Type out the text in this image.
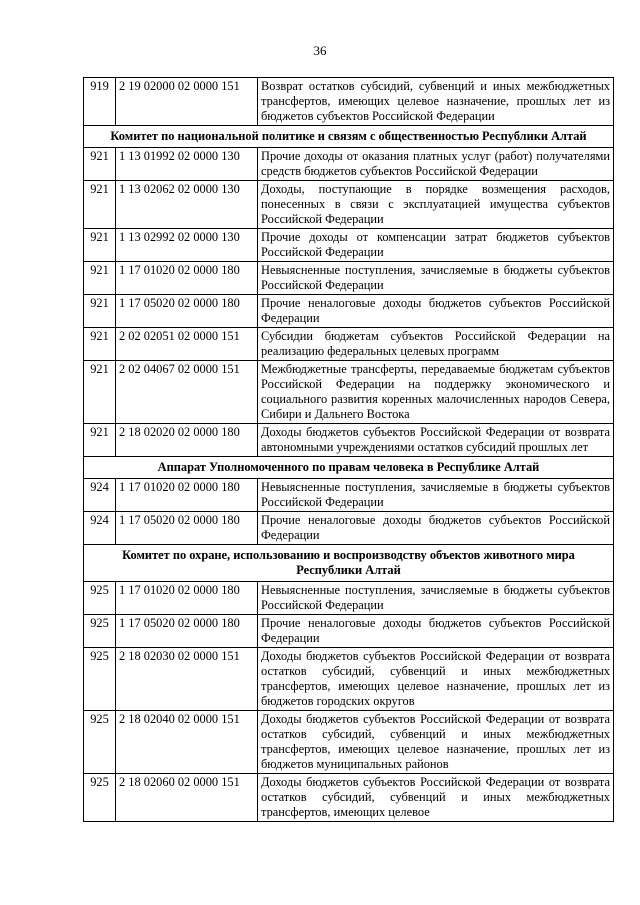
36
919	2 19 02000 02 0000 151	Возврат остатков субсидий, субвенций и иных межбюджетных трансфертов, имеющих целевое назначение, прошлых лет из бюджетов субъектов Российской Федерации
Комитет по национальной политике и связям с общественностью Республики Алтай		
921	1 13 01992 02 0000 130	Прочие доходы от оказания платных услуг (работ) получателями средств бюджетов субъектов Российской Федерации
921	1 13 02062 02 0000 130	Доходы, поступающие в порядке возмещения расходов, понесенных в связи с эксплуатацией имущества субъектов Российской Федерации
921	1 13 02992 02 0000 130	Прочие доходы от компенсации затрат бюджетов субъектов Российской Федерации
921	1 17 01020 02 0000 180	Невыясненные поступления, зачисляемые в бюджеты субъектов Российской Федерации
921	1 17 05020 02 0000 180	Прочие неналоговые доходы бюджетов субъектов Российской Федерации
921	2 02 02051 02 0000 151	Субсидии бюджетам субъектов Российской Федерации на реализацию федеральных целевых программ
921	2 02 04067 02 0000 151	Межбюджетные трансферты, передаваемые бюджетам субъектов Российской Федерации на поддержку экономического и социального развития коренных малочисленных народов Севера, Сибири и Дальнего Востока
921	2 18 02020 02 0000 180	Доходы бюджетов субъектов Российской Федерации от возврата автономными учреждениями остатков субсидий прошлых лет
Аппарат Уполномоченного по правам человека в Республике Алтай		
924	1 17 01020 02 0000 180	Невыясненные поступления, зачисляемые в бюджеты субъектов Российской Федерации
924	1 17 05020 02 0000 180	Прочие неналоговые доходы бюджетов субъектов Российской Федерации
Комитет по охране, использованию и воспроизводству объектов животного мира Республики Алтай		
925	1 17 01020 02 0000 180	Невыясненные поступления, зачисляемые в бюджеты субъектов Российской Федерации
925	1 17 05020 02 0000 180	Прочие неналоговые доходы бюджетов субъектов Российской Федерации
925	2 18 02030 02 0000 151	Доходы бюджетов субъектов Российской Федерации от возврата остатков субсидий, субвенций и иных межбюджетных трансфертов, имеющих целевое назначение, прошлых лет из бюджетов городских округов
925	2 18 02040 02 0000 151	Доходы бюджетов субъектов Российской Федерации от возврата остатков субсидий, субвенций и иных межбюджетных трансфертов, имеющих целевое назначение, прошлых лет из бюджетов муниципальных районов
925	2 18 02060 02 0000 151	Доходы бюджетов субъектов Российской Федерации от возврата остатков субсидий, субвенций и иных межбюджетных трансфертов, имеющих целевое
